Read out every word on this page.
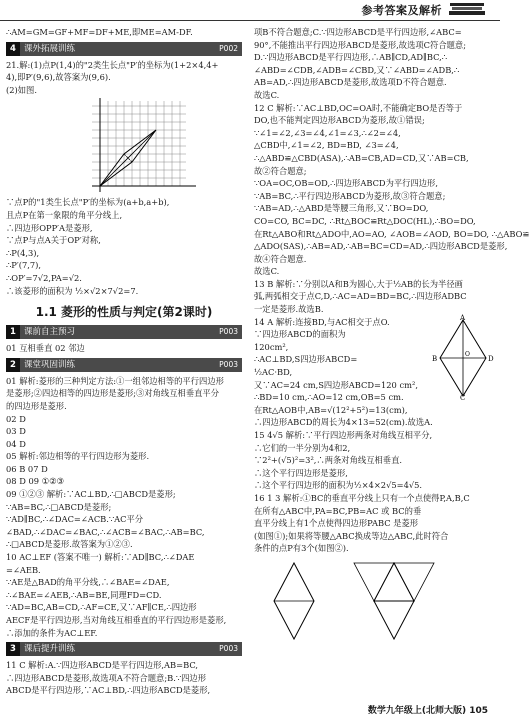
参考答案及解析
∴AM=GM=GF+MF=DF+ME,即ME=AM-DF.
4 课外拓展训练	P002
21.解:(1)点P(1,4)的"2类生长点"P′的坐标为(1+2×4,4+
4),即P′(9,6),故答案为(9,6).
(2)如图.
∵点P的"1类生长点"P′的坐标为(a+b,a+b),
且点P在第一象限的角平分线上,
∴四边形OPP′A是菱形,
∵点P与点A关于OP′对称,
∴P(4,3),
∴P′(7,7),
∴OP′=7√2,PA=√2.
∴该菱形的面积为 ½×√2×7√2=7.
1.1 菱形的性质与判定(第2课时)
1 课前自主预习	P003
01 互相垂直 02 邻边
2 课堂巩固训练	P003
01 解析:菱形的三种判定方法:①一组邻边相等的平行四边形
是菱形;②四边相等的四边形是菱形;③对角线互相垂直平分
的四边形是菱形.
02 D
03 D
04 D
05 解析:邻边相等的平行四边形为菱形.
06 B 07 D
08 D 09 ①②③
09 ①②③ 解析:∵AC⊥BD,∴□ABCD是菱形;
∵AB=BC,∴□ABCD是菱形;
∵AD∥BC,∴∠DAC=∠ACB.∵AC平分
∠BAD,∴∠DAC=∠BAC,∴∠ACB=∠BAC,∴AB=BC,
∴□ABCD是菱形.故答案为①②③.
10 AC⊥EF (答案不唯一) 解析:∵AD∥BC,∴∠DAE
=∠AEB.
∵AE是△BAD的角平分线,∴∠BAE=∠DAE,
∴∠BAE=∠AEB,∴AB=BE,同理FD=CD.
∵AD=BC,AB=CD,∴AF=CE,又∵AF∥CE,∴四边形
AECF是平行四边形,当对角线互相垂直的平行四边形是菱形,
∴添加的条件为AC⊥EF.
3 课后提升训练	P003
11 C 解析:A.∵四边形ABCD是平行四边形,AB=BC,
∴四边形ABCD是菱形,故选项A不符合题意;B.∵四边形
ABCD是平行四边形,∵AC⊥BD,∴四边形ABCD是菱形,
项B不符合题意;C.∵四边形ABCD是平行四边形,∠ABC=
90°,不能推出平行四边形ABCD是菱形,故选项C符合题意;
D.∵四边形ABCD是平行四边形,∴AB∥CD,AD∥BC,∴
∠ABD=∠CDB,∠ADB=∠CBD,又∵∠ABD=∠ADB,∴
AB=AD,∴四边形ABCD是菱形,故选项D不符合题意.
故选C.
12 C 解析:∵AC⊥BD,OC=OA时,不能确定BO是否等于
DO,也不能判定四边形ABCD为菱形,故①错误;
∵∠1=∠2,∠3=∠4,∠1=∠3,∴∠2=∠4,
△CBD中,∠1=∠2, BD=BD, ∠3=∠4,
∴△ABD≌△CBD(ASA),∴AB=CB,AD=CD,又∵AB=CB,
故②符合题意;
∵OA=OC,OB=OD,∴四边形ABCD为平行四边形,
∵AB=BC,∴平行四边形ABCD为菱形,故③符合题意;
∵AB=AD,∴△ABD是等腰三角形,又∵BO=DO,
CO=CO, BC=DC, ∴Rt△BOC≌Rt△DOC(HL),∴BO=DO,
在Rt△ABO和Rt△ADO中,AO=AO, ∠AOB=∠AOD, BO=DO, ∴△ABO≌
△ADO(SAS),∴AB=AD,∴AB=BC=CD=AD,∴四边形ABCD是菱形,
故④符合题意.
故选C.
13 B 解析:∵分别以A和B为圆心,大于½AB的长为半径画
弧,两弧相交于点C,D,∴AC=AD=BD=BC,∴四边形ADBC
一定是菱形.故选B.
A
B	D
C
O
14 A 解析:连接BD,与AC相交于点O.
∵四边形ABCD的面积为
120cm²,
∴AC⊥BD,S四边形ABCD=
½AC·BD,
又∵AC=24 cm,S四边形ABCD=120 cm²,
∴BD=10 cm,∴AO=12 cm,OB=5 cm.
在Rt△AOB中,AB=√(12²+5²)=13(cm),
∴四边形ABCD的周长为4×13=52(cm).故选A.
15 4√5 解析:∵平行四边形两条对角线互相平分,
∴它们的一半分别为4和2,
∵2²+(√5)²=3²,∴两条对角线互相垂直.
∴这个平行四边形是菱形,
∴这个平行四边形的面积为½×4×2√5=4√5.
16 1 3 解析:①BC的垂直平分线上只有一个点使得P,A,B,C
在所有△ABC中,PA=BC,PB=AC 或 BC的垂
直平分线上有1个点使得四边形PABC 是菱形
(如图①);如果将等腰△ABC换成等边△ABC,此时符合
条件的点P有3个(如图②).
数学九年级上(北师大版) 105
